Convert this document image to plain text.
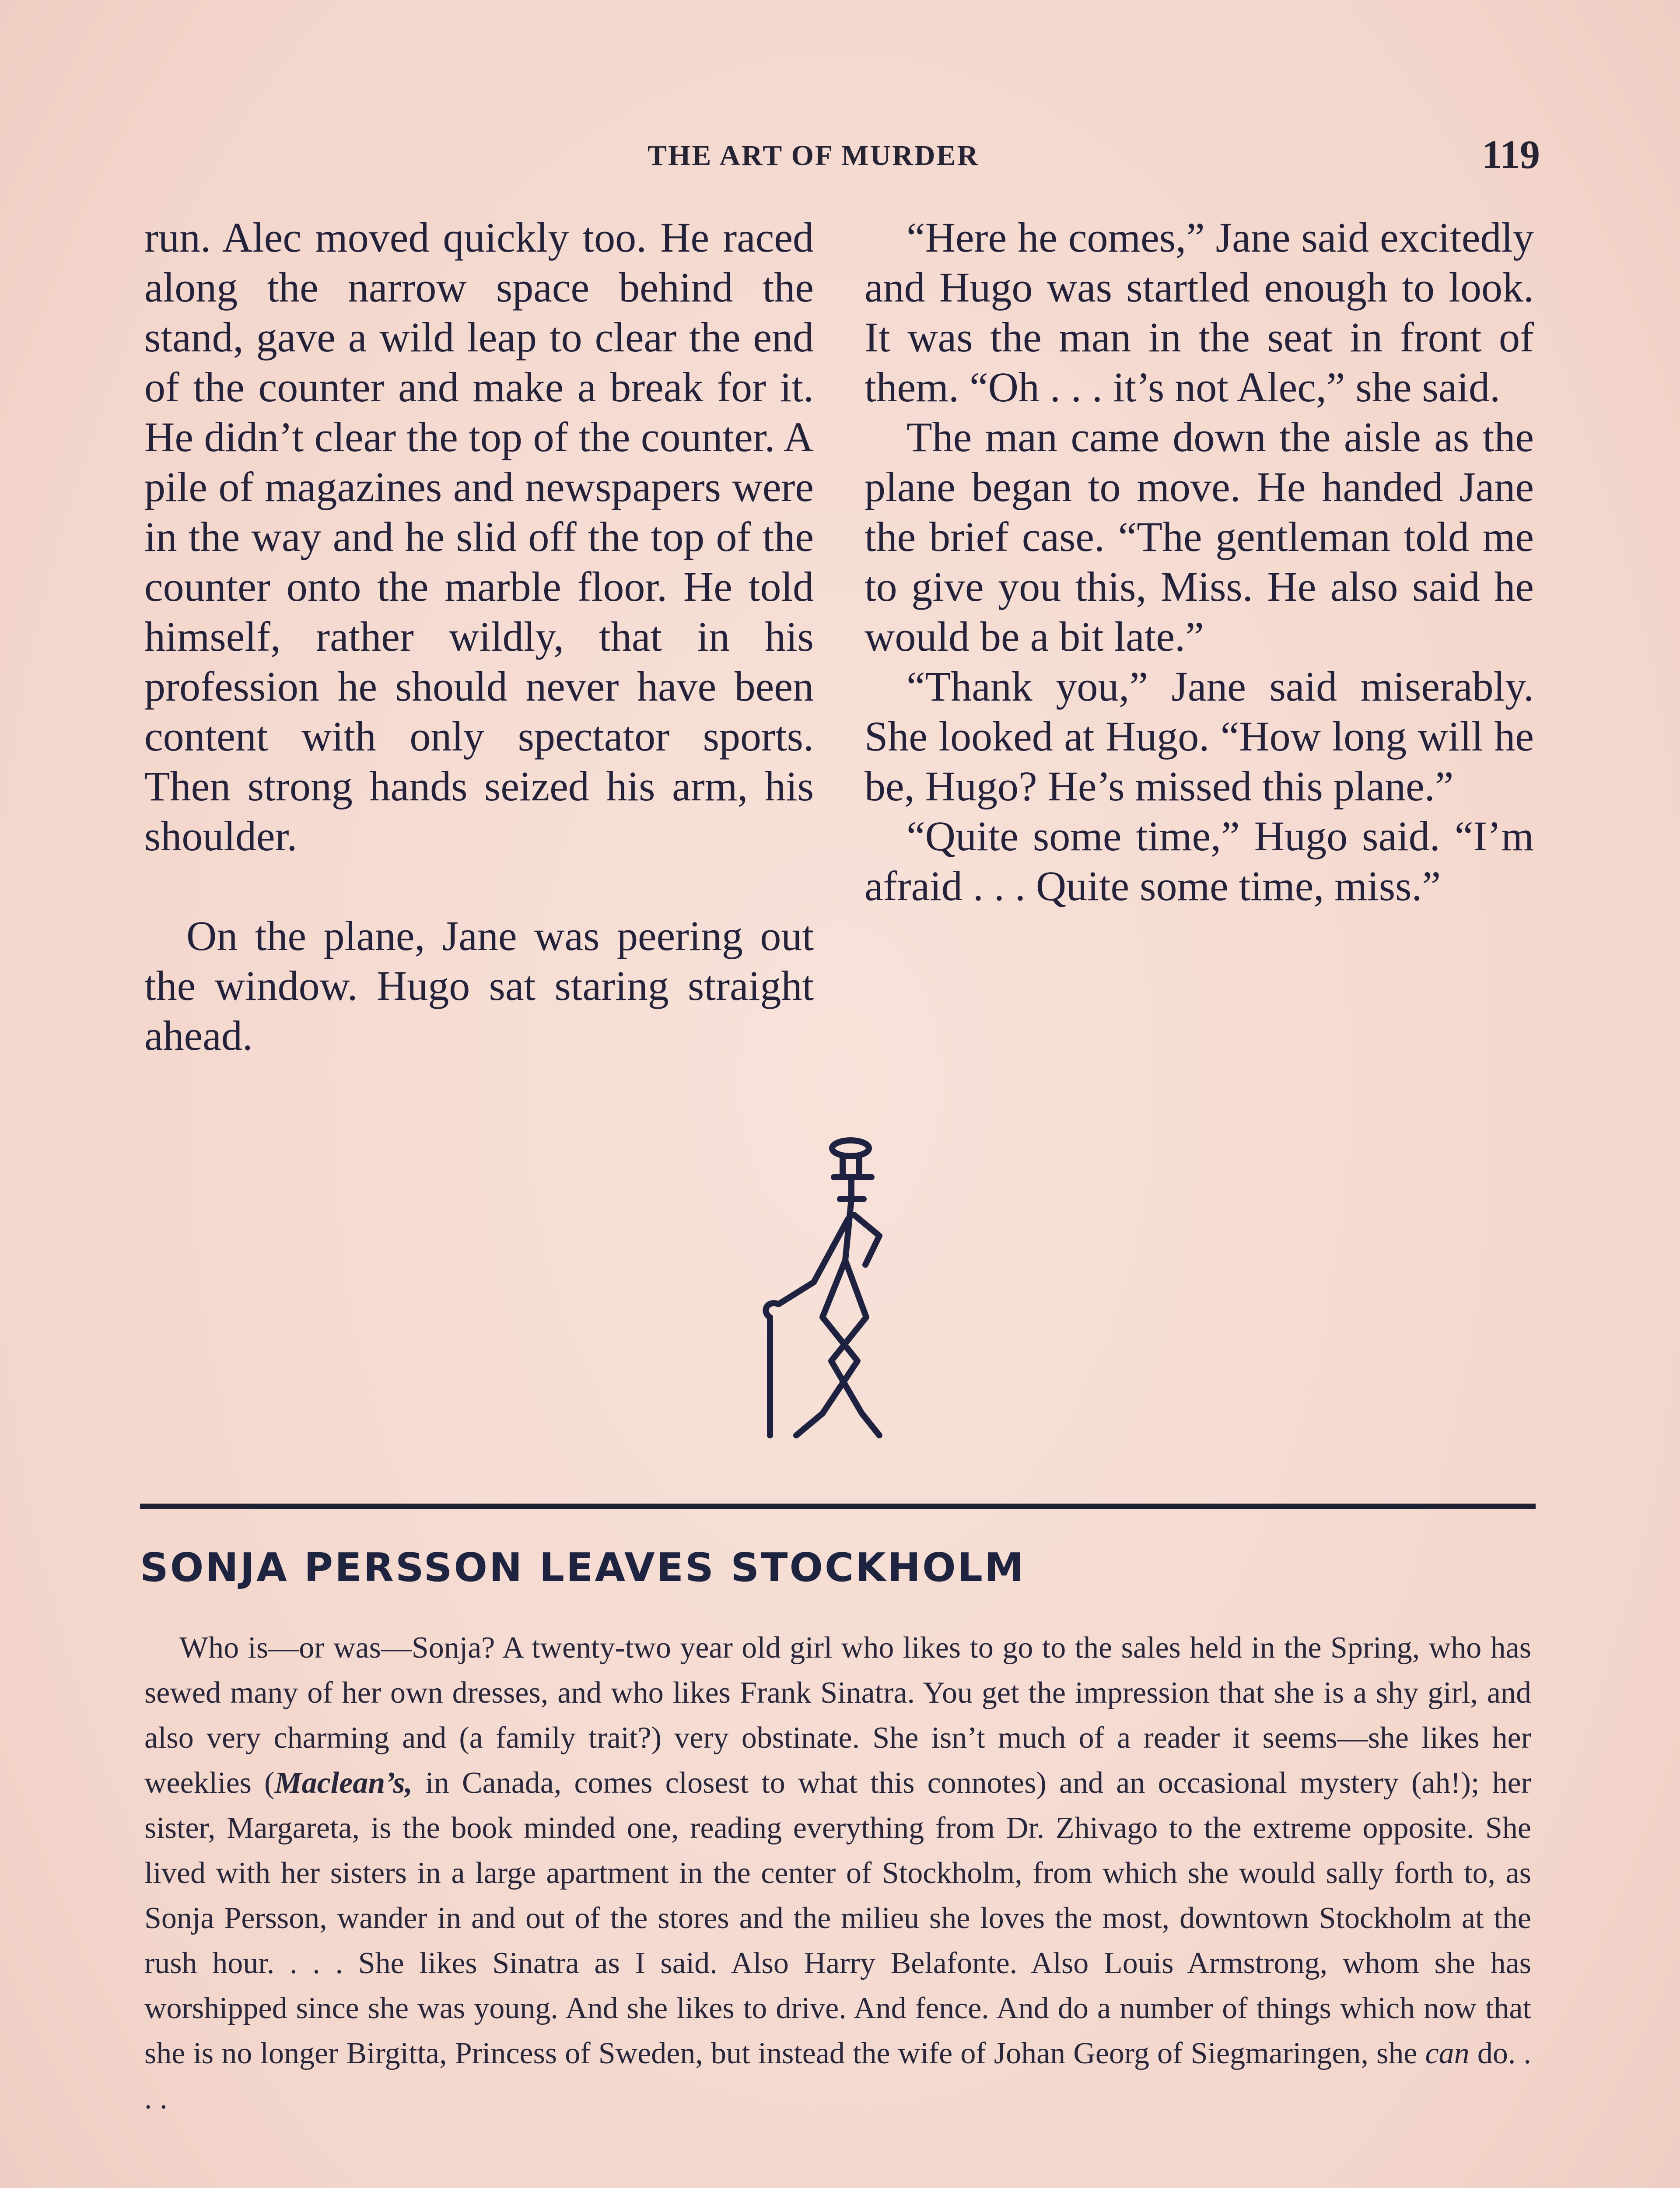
THE ART OF MURDER	119

run. Alec moved quickly too. He raced along the narrow space behind the stand, gave a wild leap to clear the end of the counter and make a break for it. He didn’t clear the top of the counter. A pile of magazines and newspapers were in the way and he slid off the top of the counter onto the marble floor. He told himself, rather wildly, that in his profession he should never have been content with only spectator sports. Then strong hands seized his arm, his shoulder.

On the plane, Jane was peering out the window. Hugo sat staring straight ahead.

“Here he comes,” Jane said excitedly and Hugo was startled enough to look. It was the man in the seat in front of them. “Oh . . . it’s not Alec,” she said.

The man came down the aisle as the plane began to move. He handed Jane the brief case. “The gentleman told me to give you this, Miss. He also said he would be a bit late.”

“Thank you,” Jane said miserably. She looked at Hugo. “How long will he be, Hugo? He’s missed this plane.”

“Quite some time,” Hugo said. “I’m afraid . . . Quite some time, miss.”

SONJA PERSSON LEAVES STOCKHOLM
Who is—or was—Sonja? A twenty-two year old girl who likes to go to the sales held in the Spring, who has sewed many of her own dresses, and who likes Frank Sinatra. You get the impression that she is a shy girl, and also very charming and (a family trait?) very obstinate. She isn’t much of a reader it seems—she likes her weeklies (Maclean’s, in Canada, comes closest to what this connotes) and an occasional mystery (ah!); her sister, Margareta, is the book minded one, reading everything from Dr. Zhivago to the extreme opposite. She lived with her sisters in a large apartment in the center of Stockholm, from which she would sally forth to, as Sonja Persson, wander in and out of the stores and the milieu she loves the most, downtown Stockholm at the rush hour. . . . She likes Sinatra as I said. Also Harry Belafonte. Also Louis Armstrong, whom she has worshipped since she was young. And she likes to drive. And fence. And do a number of things which now that she is no longer Birgitta, Princess of Sweden, but instead the wife of Johan Georg of Siegmaringen, she can do. . . .
